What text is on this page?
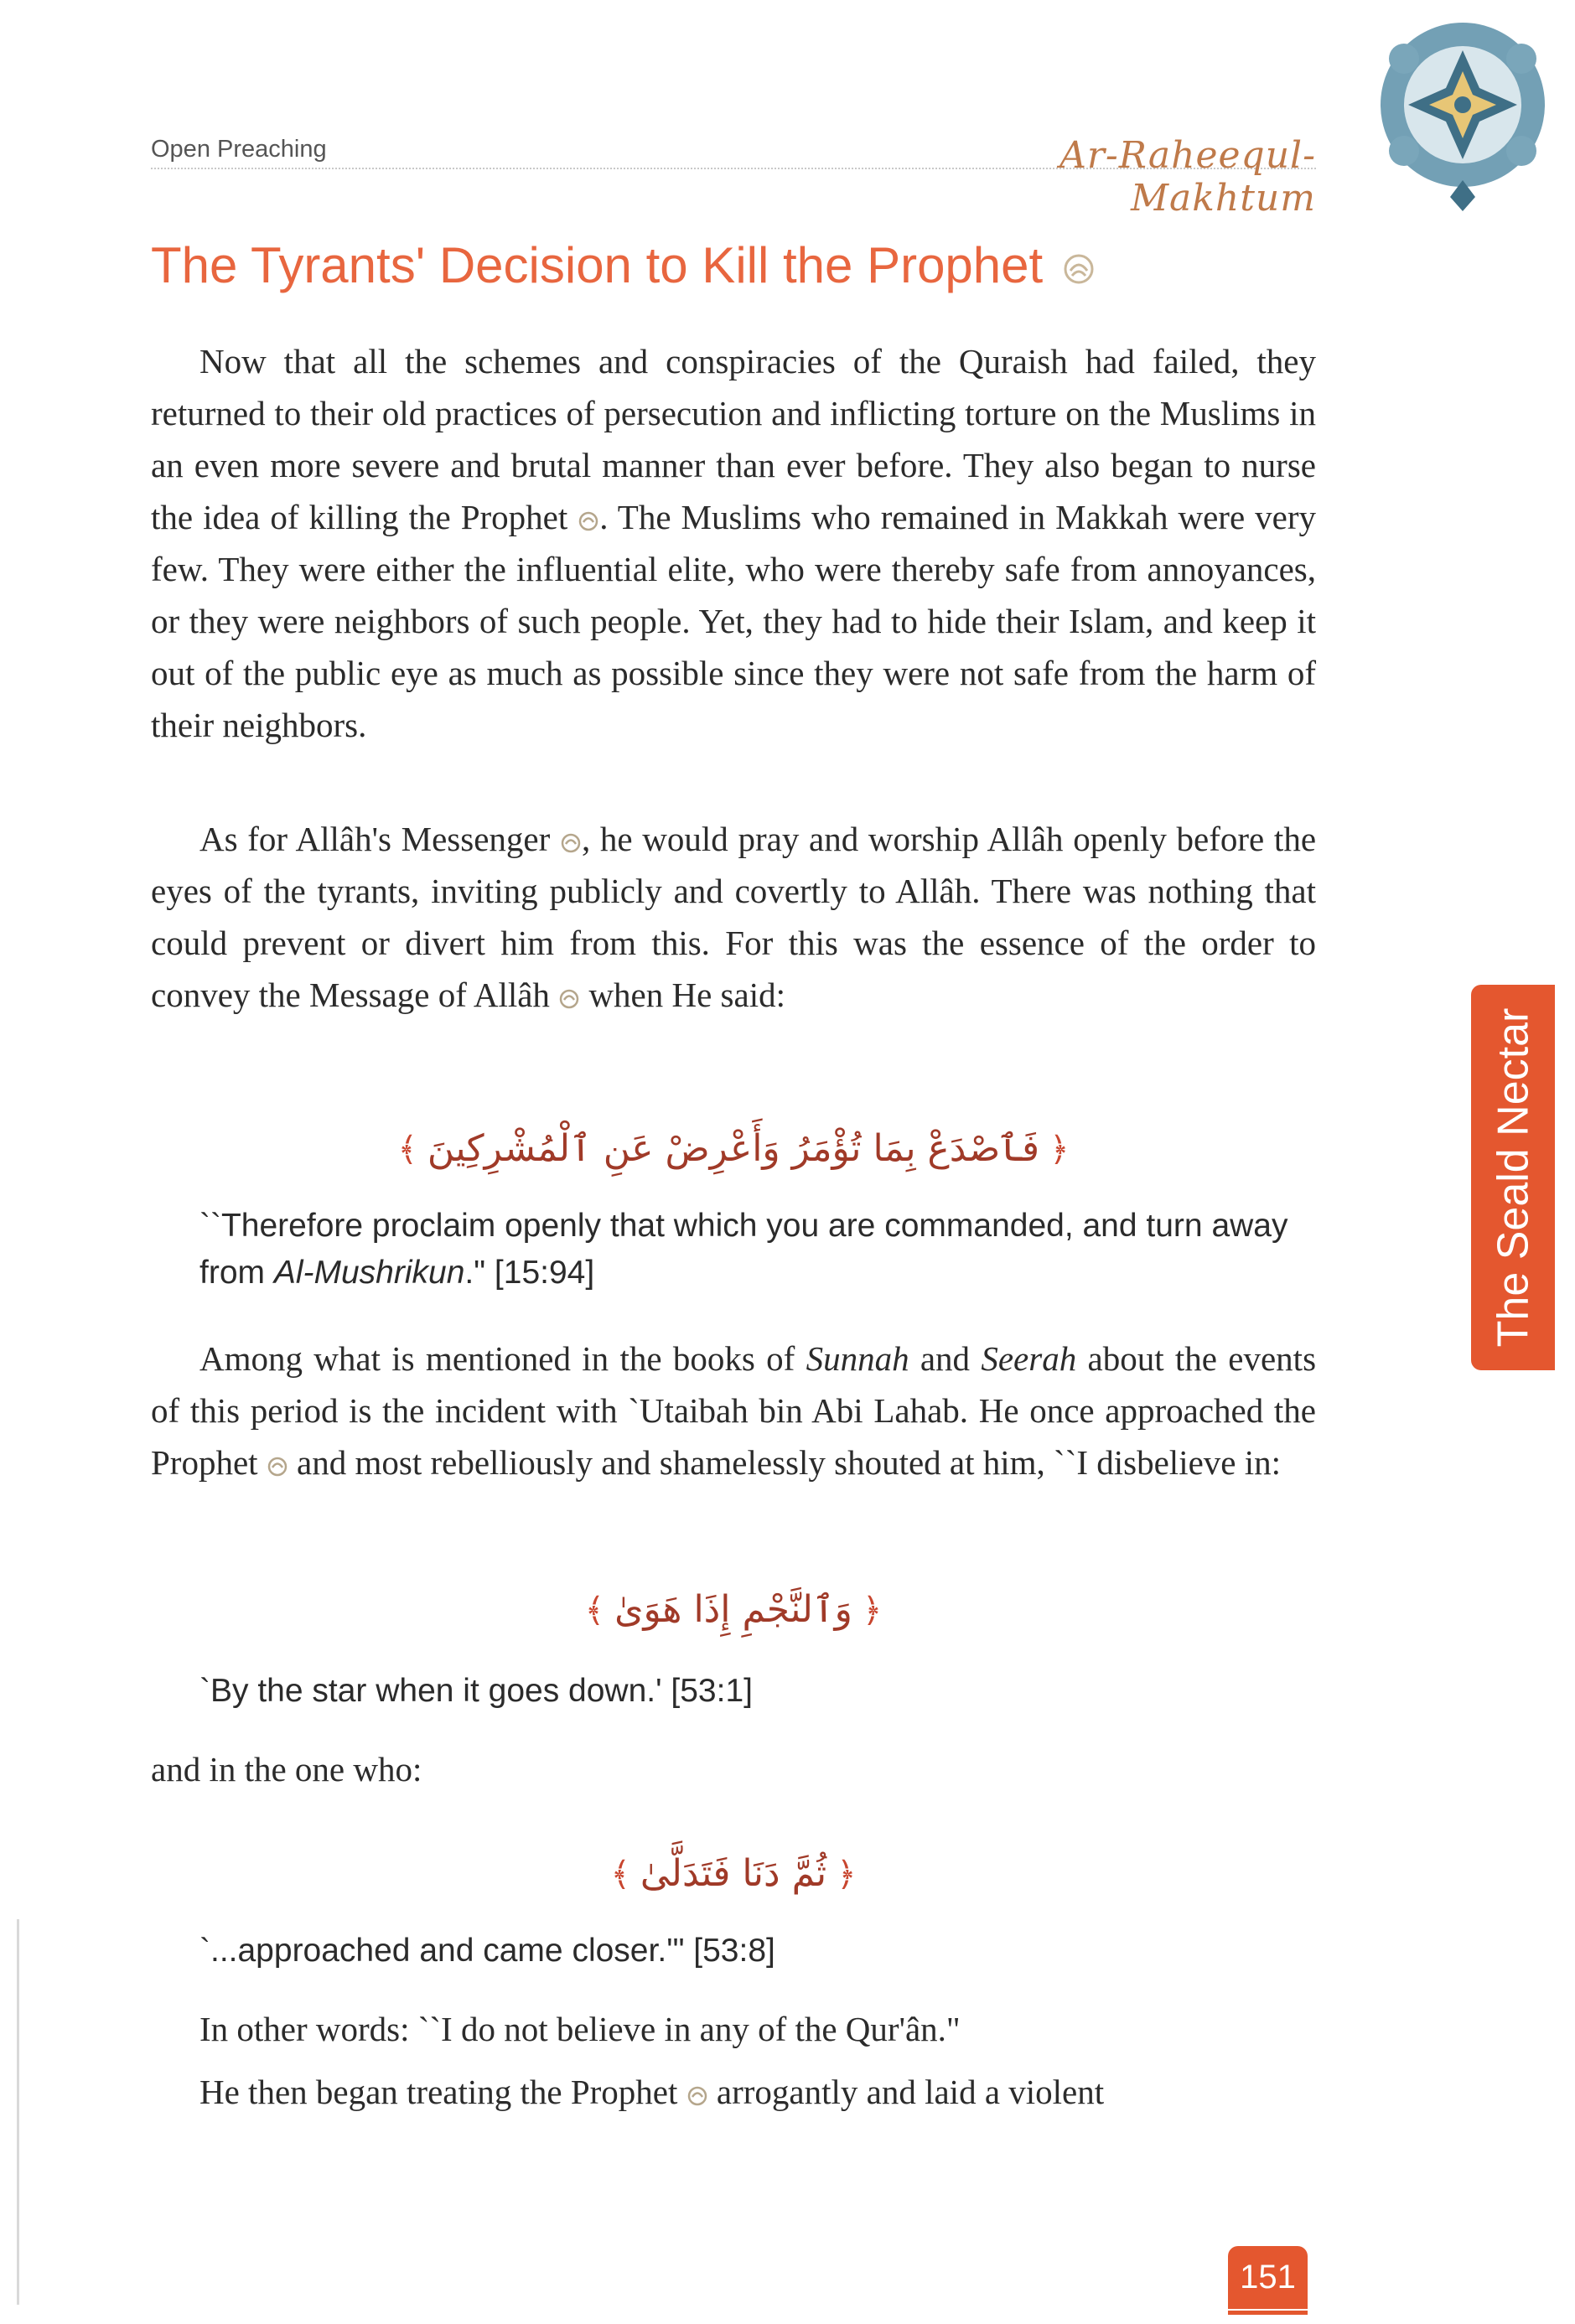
Open Preaching	Ar-Raheequl-Makhtum
The Seald Nectar
The Tyrants' Decision to Kill the Prophet

Now that all the schemes and conspiracies of the Quraish had failed, they returned to their old practices of persecution and inflicting torture on the Muslims in an even more severe and brutal manner than ever before. They also began to nurse the idea of killing the Prophet . The Muslims who remained in Makkah were very few. They were either the influential elite, who were thereby safe from annoyances, or they were neighbors of such people. Yet, they had to hide their Islam, and keep it out of the public eye as much as possible since they were not safe from the harm of their neighbors.

As for Allâh's Messenger , he would pray and worship Allâh openly before the eyes of the tyrants, inviting publicly and covertly to Allâh. There was nothing that could prevent or divert him from this. For this was the essence of the order to convey the Message of Allâh when He said:

﴾ فَٱصْدَعْ بِمَا تُؤْمَرُ وَأَعْرِضْ عَنِ ٱلْمُشْرِكِينَ ﴿

``Therefore proclaim openly that which you are commanded, and turn away from Al-Mushrikun." [15:94]

Among what is mentioned in the books of Sunnah and Seerah about the events of this period is the incident with `Utaibah bin Abi Lahab. He once approached the Prophet and most rebelliously and shamelessly shouted at him, ``I disbelieve in:

﴾ وَٱلنَّجْمِ إِذَا هَوَىٰ ﴿

`By the star when it goes down.' [53:1]

and in the one who:

﴾ ثُمَّ دَنَا فَتَدَلَّىٰ ﴿

`...approached and came closer.'" [53:8]

In other words: ``I do not believe in any of the Qur'ân."

He then began treating the Prophet arrogantly and laid a violent

151
